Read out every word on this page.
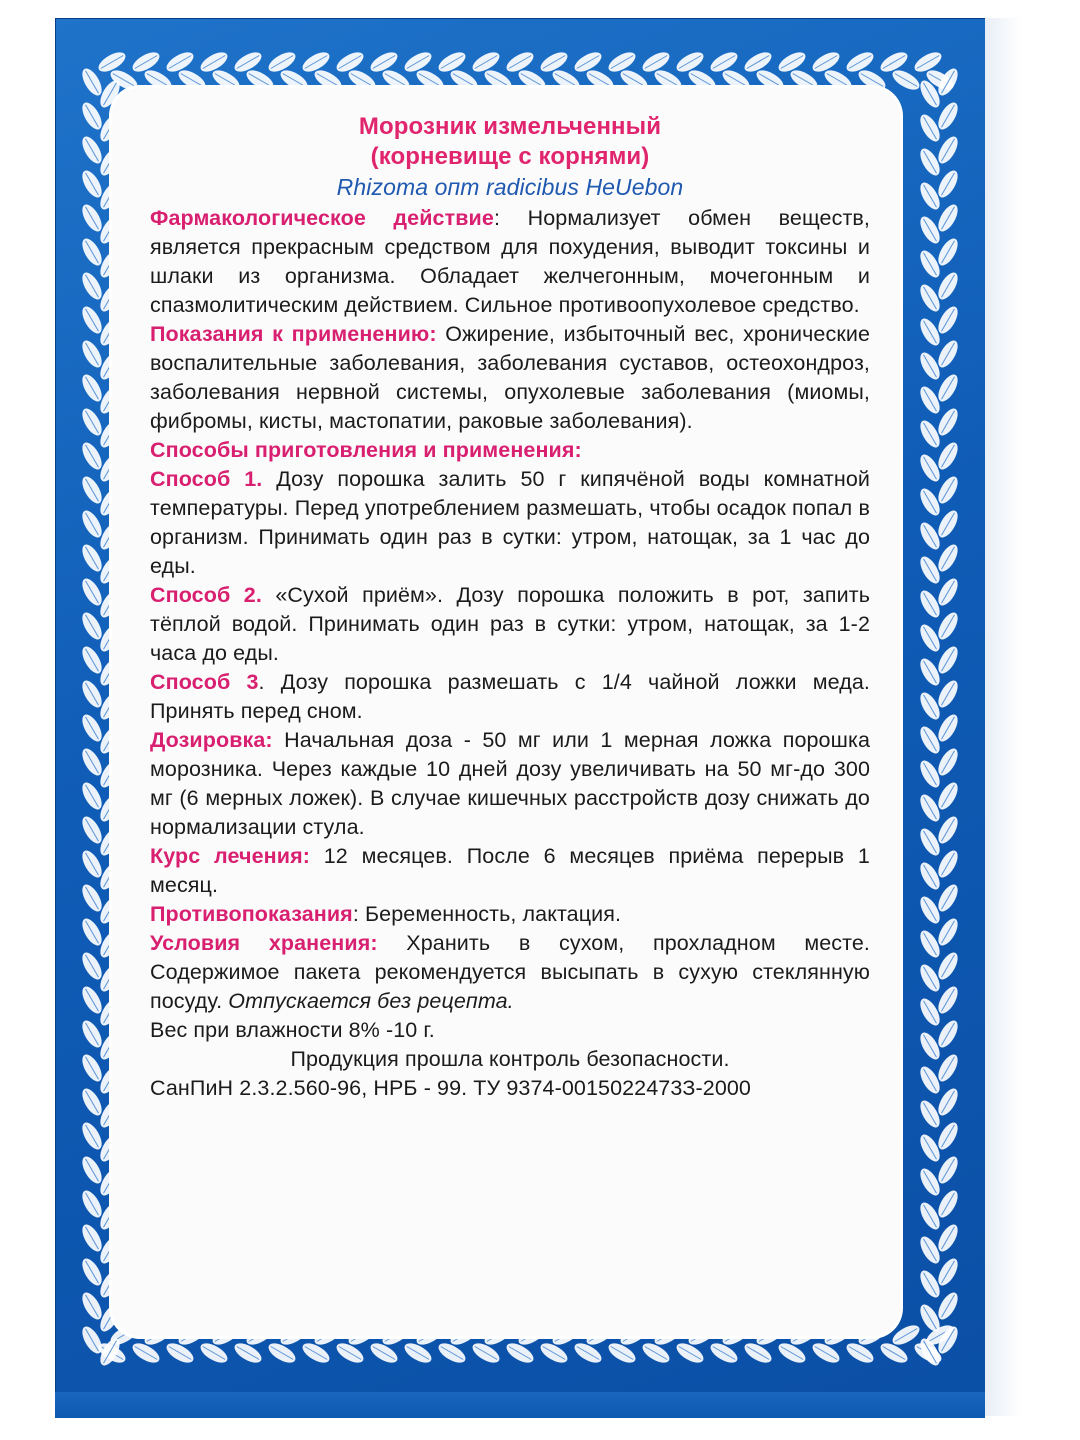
Морозник измельченный
(корневище с корнями)
Rhizoma опт radicibus HeUebon

Фармакологическое действие: Нормализует обмен веществ, является прекрасным средством для похудения, выводит токсины и шлаки из организма. Обладает желчегонным, мочегонным и спазмолитическим действием. Сильное противоопухолевое средство.

Показания к применению: Ожирение, избыточный вес, хронические воспалительные заболевания, заболевания суставов, остеохондроз, заболевания нервной системы, опухолевые заболевания (миомы, фибромы, кисты, мастопатии, раковые заболевания).

Способы приготовления и применения:

Способ 1. Дозу порошка залить 50 г кипячёной воды комнатной температуры. Перед употреблением размешать, чтобы осадок попал в организм. Принимать один раз в сутки: утром, натощак, за 1 час до еды.

Способ 2. «Сухой приём». Дозу порошка положить в рот, запить тёплой водой. Принимать один раз в сутки: утром, натощак, за 1-2 часа до еды.

Способ 3. Дозу порошка размешать с 1/4 чайной ложки меда. Принять перед сном.

Дозировка: Начальная доза - 50 мг или 1 мерная ложка порошка морозника. Через каждые 10 дней дозу увеличивать на 50 мг-до 300 мг (6 мерных ложек). В случае кишечных расстройств дозу снижать до нормализации стула.

Курс лечения: 12 месяцев. После 6 месяцев приёма перерыв 1 месяц.

Противопоказания: Беременность, лактация.

Условия хранения: Хранить в сухом, прохладном месте. Содержимое пакета рекомендуется высыпать в сухую стеклянную посуду. Отпускается без рецепта.

Вес при влажности 8% -10 г.

Продукция прошла контроль безопасности.

СанПиН 2.3.2.560-96, НРБ - 99. ТУ 9374-0015022473З-2000
